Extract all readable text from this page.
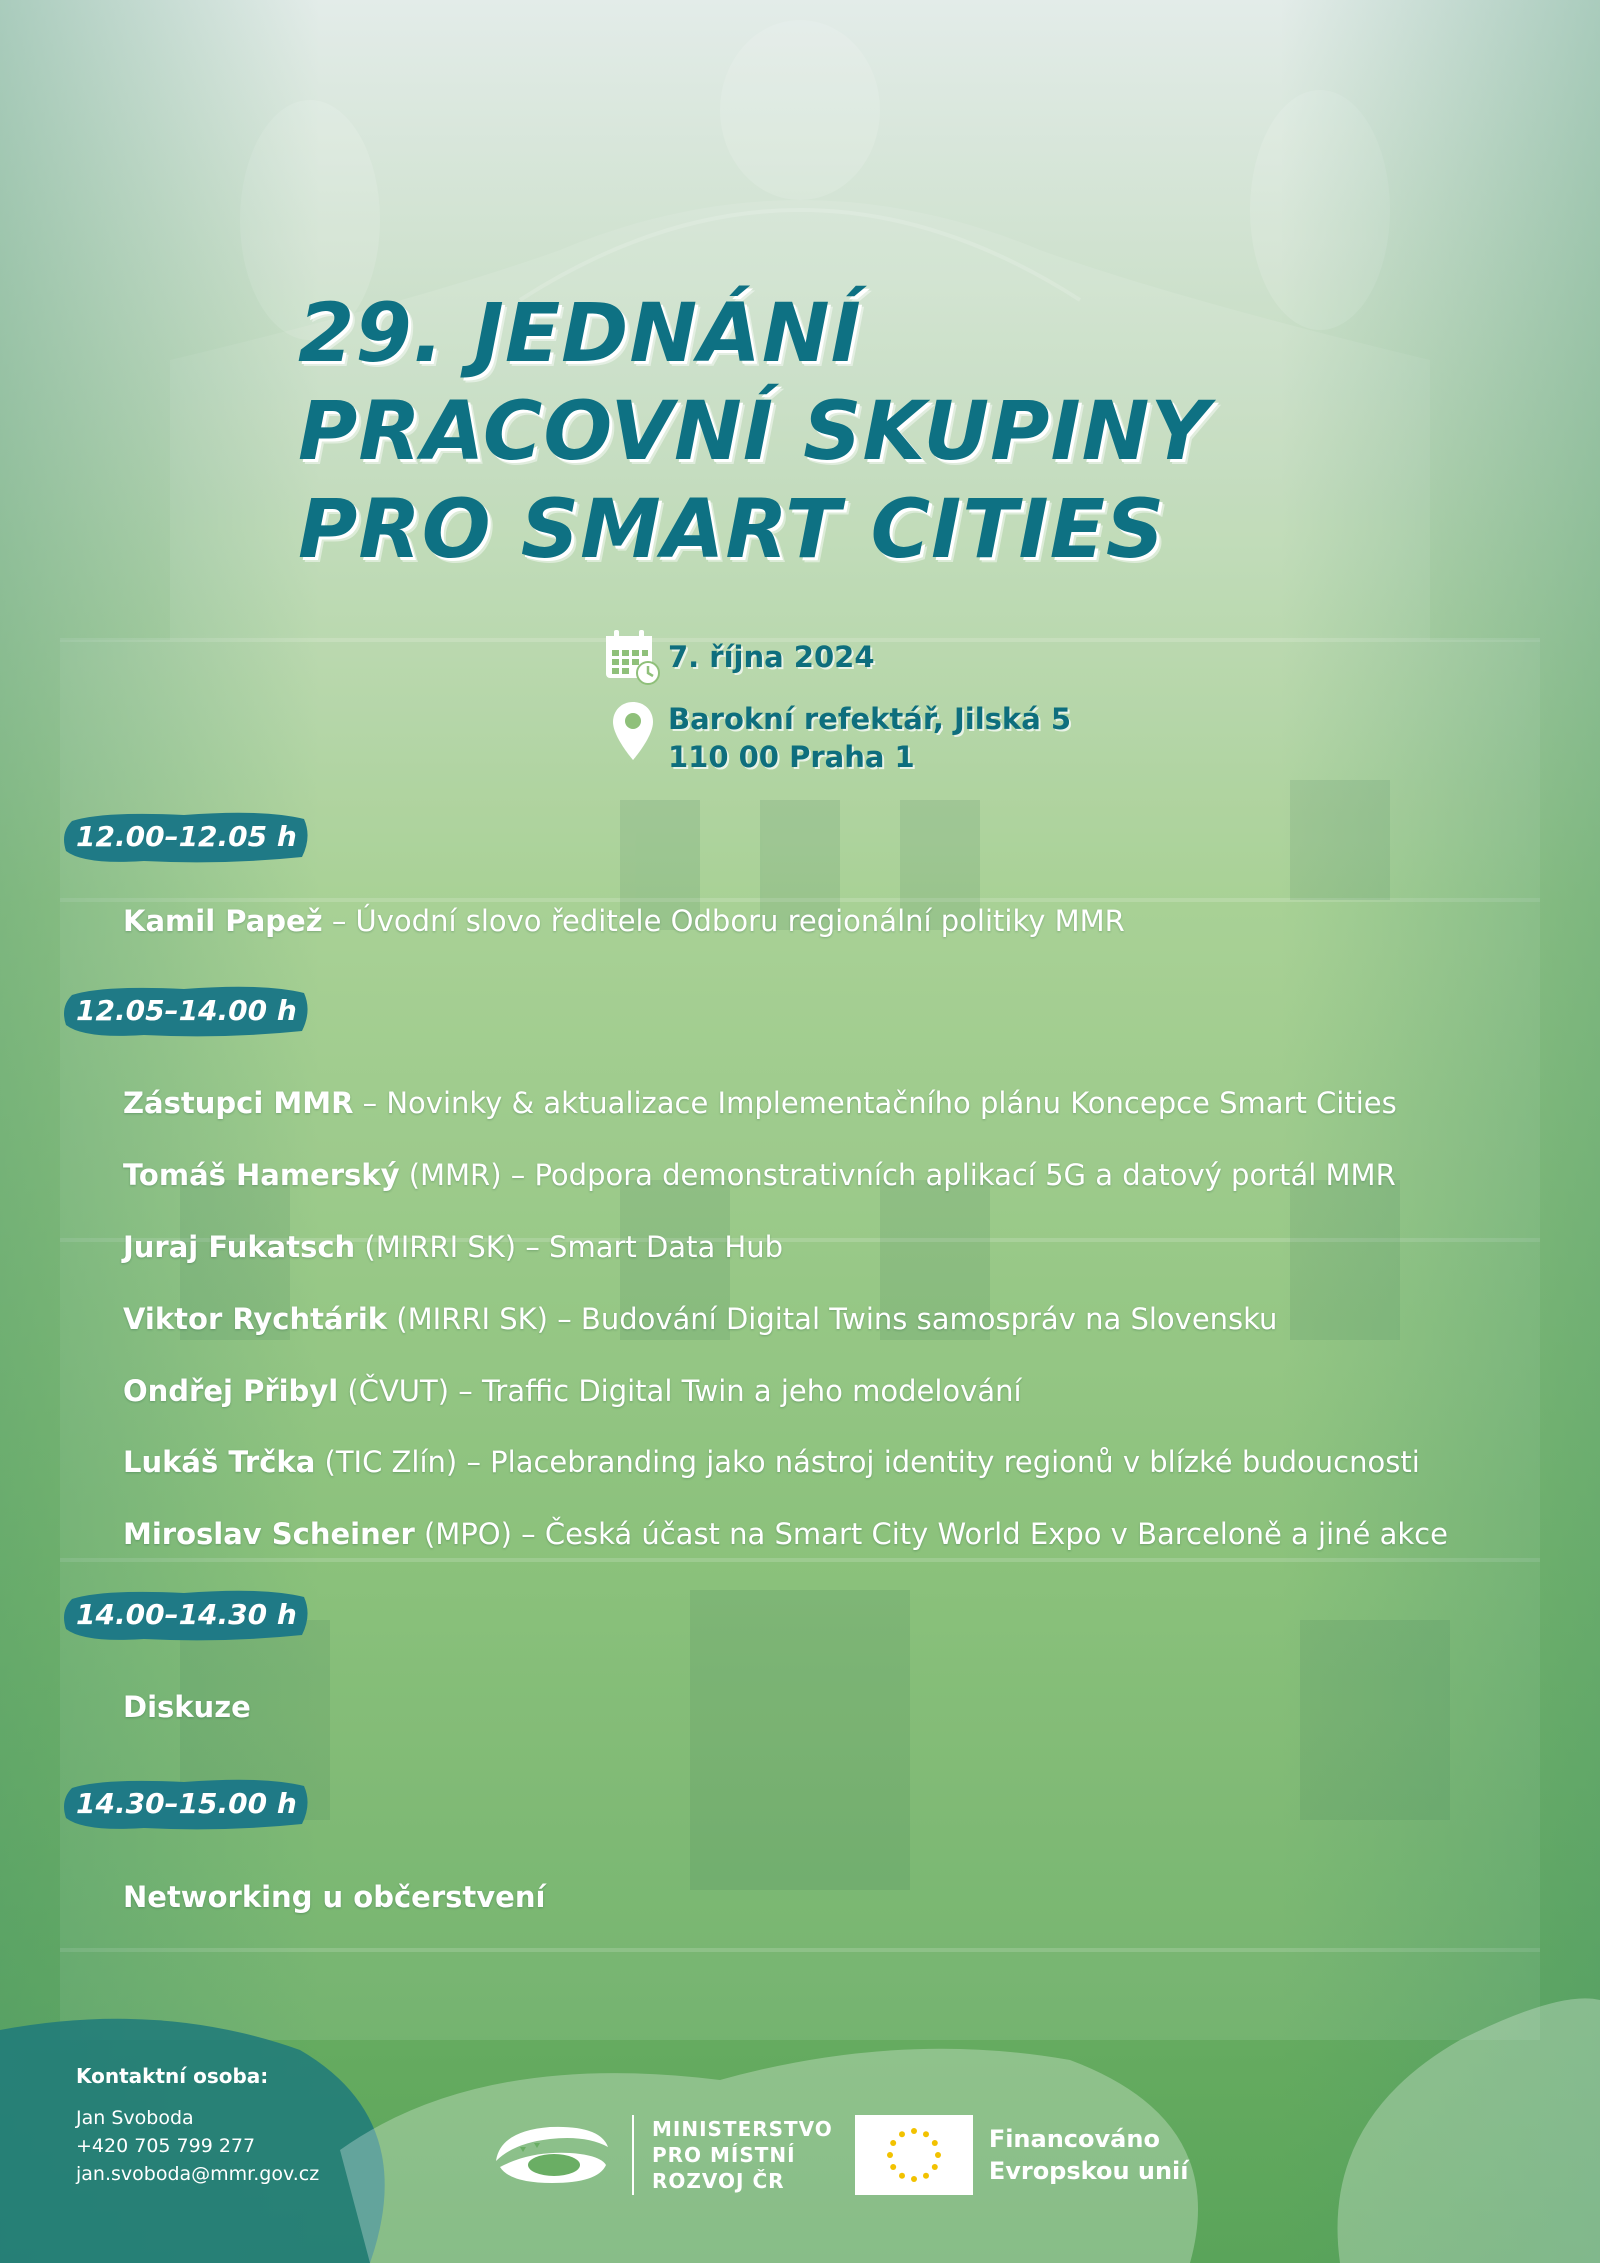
29. JEDNÁNÍ
PRACOVNÍ SKUPINY
PRO SMART CITIES
7. října 2024
Barokní refektář, Jilská 5
110 00 Praha 1
12.00–12.05 h
Kamil Papež – Úvodní slovo ředitele Odboru regionální politiky MMR
12.05–14.00 h
Zástupci MMR – Novinky & aktualizace Implementačního plánu Koncepce Smart Cities
Tomáš Hamerský (MMR) – Podpora demonstrativních aplikací 5G a datový portál MMR
Juraj Fukatsch (MIRRI SK) – Smart Data Hub
Viktor Rychtárik (MIRRI SK) – Budování Digital Twins samospráv na Slovensku
Ondřej Přibyl (ČVUT) – Traffic Digital Twin a jeho modelování
Lukáš Trčka (TIC Zlín) – Placebranding jako nástroj identity regionů v blízké budoucnosti
Miroslav Scheiner (MPO) – Česká účast na Smart City World Expo v Barceloně a jiné akce
14.00–14.30 h
Diskuze
14.30–15.00 h
Networking u občerstvení
Kontaktní osoba:
Jan Svoboda
+420 705 799 277
jan.svoboda@mmr.gov.cz
MINISTERSTVO
PRO MÍSTNÍ
ROZVOJ ČR
Financováno
Evropskou unií
